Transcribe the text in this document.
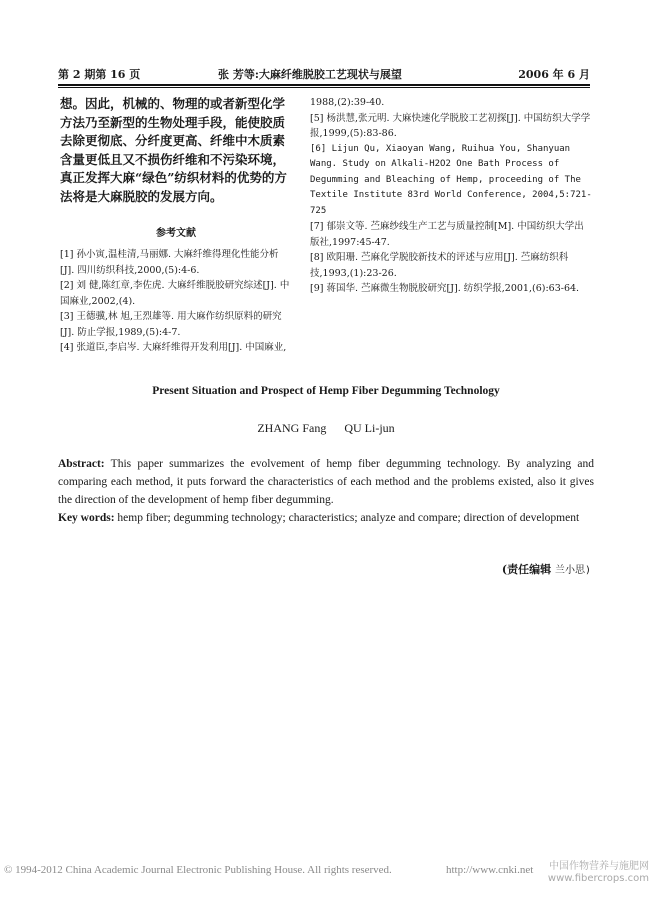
第 2 期第 16 页	张 芳等:大麻纤维脱胶工艺现状与展望	2006 年 6 月

想。因此，机械的、物理的或者新型化学方法乃至新型的生物处理手段，能使胶质去除更彻底、分纤度更高、纤维中木质素含量更低且又不损伤纤维和不污染环境，真正发挥大麻“绿色”纺织材料的优势的方法将是大麻脱胶的发展方向。

参考文献

[1] 孙小寅,温桂清,马丽娜. 大麻纤维得理化性能分析[J]. 四川纺织科技,2000,(5):4-6.

[2] 刘 健,陈红章,李佐虎. 大麻纤维脱胶研究综述[J]. 中国麻业,2002,(4).

[3] 王德骥,林 旭,王烈雄等. 用大麻作纺织原料的研究[J]. 防止学报,1989,(5):4-7.

[4] 张道臣,李启岑. 大麻纤维得开发利用[J]. 中国麻业,

1988,(2):39-40.

[5] 杨洪慧,张元明. 大麻快速化学脱胶工艺初探[J]. 中国纺织大学学报,1999,(5):83-86.

[6] Lijun Qu, Xiaoyan Wang, Ruihua You, Shanyuan Wang. Study on Alkali-H2O2 One Bath Process of Degumming and Bleaching of Hemp, proceeding of The Textile Institute 83rd World Conference, 2004,5:721-725

[7] 郁崇文等. 苎麻纱线生产工艺与质量控制[M]. 中国纺织大学出版社,1997:45-47.

[8] 欧阳珊. 苎麻化学脱胶新技术的评述与应用[J]. 苎麻纺织科技,1993,(1):23-26.

[9] 蒋国华. 苎麻微生物脱胶研究[J]. 纺织学报,2001,(6):63-64.

Present Situation and Prospect of Hemp Fiber Degumming Technology
ZHANG Fang QU Li-jun

Abstract: This paper summarizes the evolvement of hemp fiber degumming technology. By analyzing and comparing each method, it puts forward the characteristics of each method and the problems existed, also it gives the direction of the development of hemp fiber degumming.

Key words: hemp fiber; degumming technology; characteristics; analyze and compare; direction of development

(责任编辑 兰小思)
© 1994-2012 China Academic Journal Electronic Publishing House. All rights reserved.	http://www.cnki.net 中国作物营养与施肥网
www.fibercrops.com
